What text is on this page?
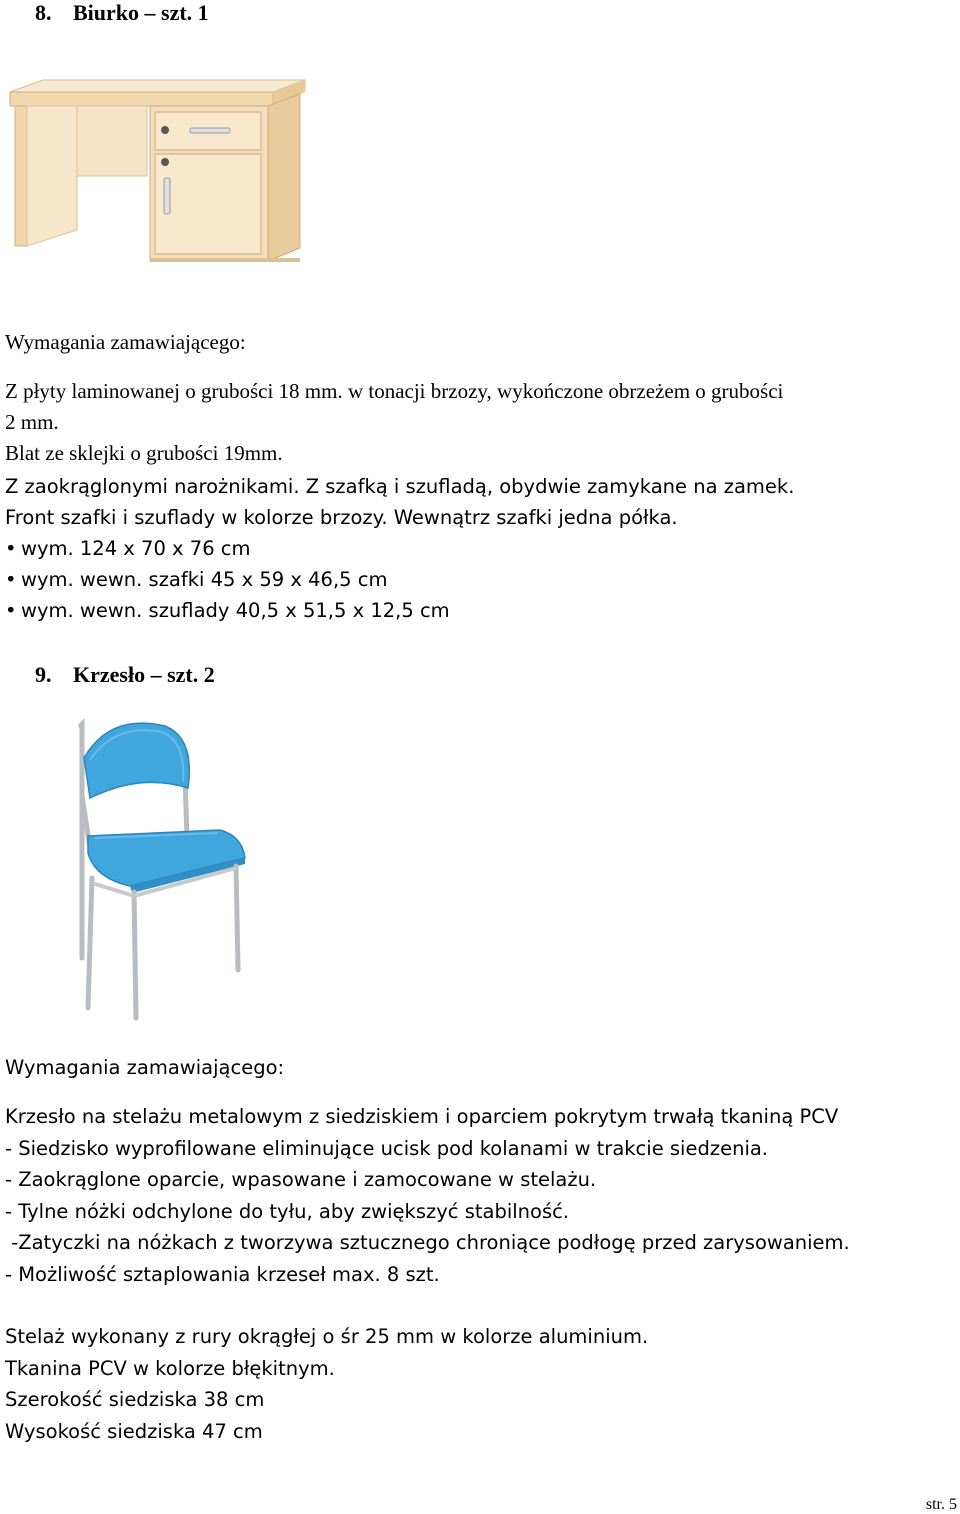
8. Biurko – szt. 1
Wymagania zamawiającego:
Z płyty laminowanej o grubości 18 mm. w tonacji brzozy, wykończone obrzeżem o grubości
2 mm.
Blat ze sklejki o grubości 19mm.
Z zaokrąglonymi narożnikami. Z szafką i szufladą, obydwie zamykane na zamek.
Front szafki i szuflady w kolorze brzozy. Wewnątrz szafki jedna półka.
• wym. 124 x 70 x 76 cm
• wym. wewn. szafki 45 x 59 x 46,5 cm
• wym. wewn. szuflady 40,5 x 51,5 x 12,5 cm
9. Krzesło – szt. 2
Wymagania zamawiającego:
Krzesło na stelażu metalowym z siedziskiem i oparciem pokrytym trwałą tkaniną PCV
- Siedzisko wyprofilowane eliminujące ucisk pod kolanami w trakcie siedzenia.
- Zaokrąglone oparcie, wpasowane i zamocowane w stelażu.
- Tylne nóżki odchylone do tyłu, aby zwiększyć stabilność.
-Zatyczki na nóżkach z tworzywa sztucznego chroniące podłogę przed zarysowaniem.
- Możliwość sztaplowania krzeseł max. 8 szt.
Stelaż wykonany z rury okrągłej o śr 25 mm w kolorze aluminium.
Tkanina PCV w kolorze błękitnym.
Szerokość siedziska 38 cm
Wysokość siedziska 47 cm
str. 5
